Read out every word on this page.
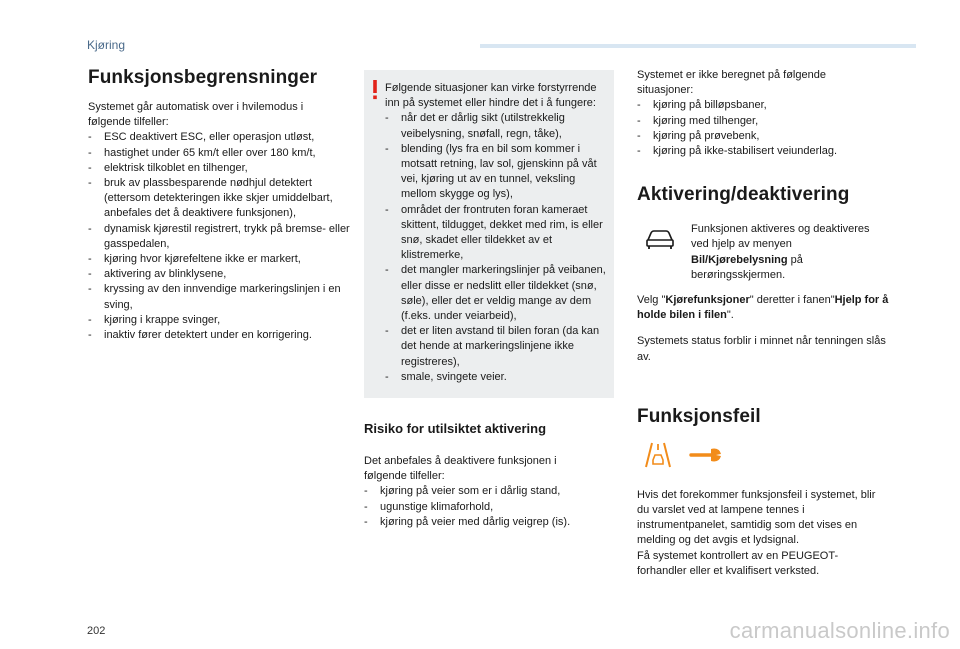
Kjøring
Funksjonsbegrensninger

Systemet går automatisk over i hvilemodus i følgende tilfeller:

- ESC deaktivert ESC, eller operasjon utløst,
- hastighet under 65 km/t eller over 180 km/t,
- elektrisk tilkoblet en tilhenger,
- bruk av plassbesparende nødhjul detektert (ettersom detekteringen ikke skjer umiddelbart, anbefales det å deaktivere funksjonen),
- dynamisk kjørestil registrert, trykk på bremse- eller gasspedalen,
- kjøring hvor kjørefeltene ikke er markert,
- aktivering av blinklysene,
- kryssing av den innvendige markeringslinjen i en sving,
- kjøring i krappe svinger,
- inaktiv fører detektert under en korrigering.

Følgende situasjoner kan virke forstyrrende inn på systemet eller hindre det i å fungere:

- når det er dårlig sikt (utilstrekkelig veibelysning, snøfall, regn, tåke),
- blending (lys fra en bil som kommer i motsatt retning, lav sol, gjenskinn på våt vei, kjøring ut av en tunnel, veksling mellom skygge og lys),
- området der frontruten foran kameraet skittent, tildugget, dekket med rim, is eller snø, skadet eller tildekket av et klistremerke,
- det mangler markeringslinjer på veibanen, eller disse er nedslitt eller tildekket (snø, søle), eller det er veldig mange av dem (f.eks. under veiarbeid),
- det er liten avstand til bilen foran (da kan det hende at markeringslinjene ikke registreres),
- smale, svingete veier.
Risiko for utilsiktet aktivering

Det anbefales å deaktivere funksjonen i følgende tilfeller:

- kjøring på veier som er i dårlig stand,
- ugunstige klimaforhold,
- kjøring på veier med dårlig veigrep (is).

Systemet er ikke beregnet på følgende situasjoner:

- kjøring på billøpsbaner,
- kjøring med tilhenger,
- kjøring på prøvebenk,
- kjøring på ikke-stabilisert veiunderlag.
Aktivering/deaktivering

Funksjonen aktiveres og deaktiveres ved hjelp av menyen Bil/Kjørebelysning på berøringsskjermen.

Velg "Kjørefunksjoner" deretter i fanen"Hjelp for å holde bilen i filen".

Systemets status forblir i minnet når tenningen slås av.

Funksjonsfeil

Hvis det forekommer funksjonsfeil i systemet, blir du varslet ved at lampene tennes i instrumentpanelet, samtidig som det vises en melding og det avgis et lydsignal.

Få systemet kontrollert av en PEUGEOT-forhandler eller et kvalifisert verksted.

202	carmanualsonline.info
